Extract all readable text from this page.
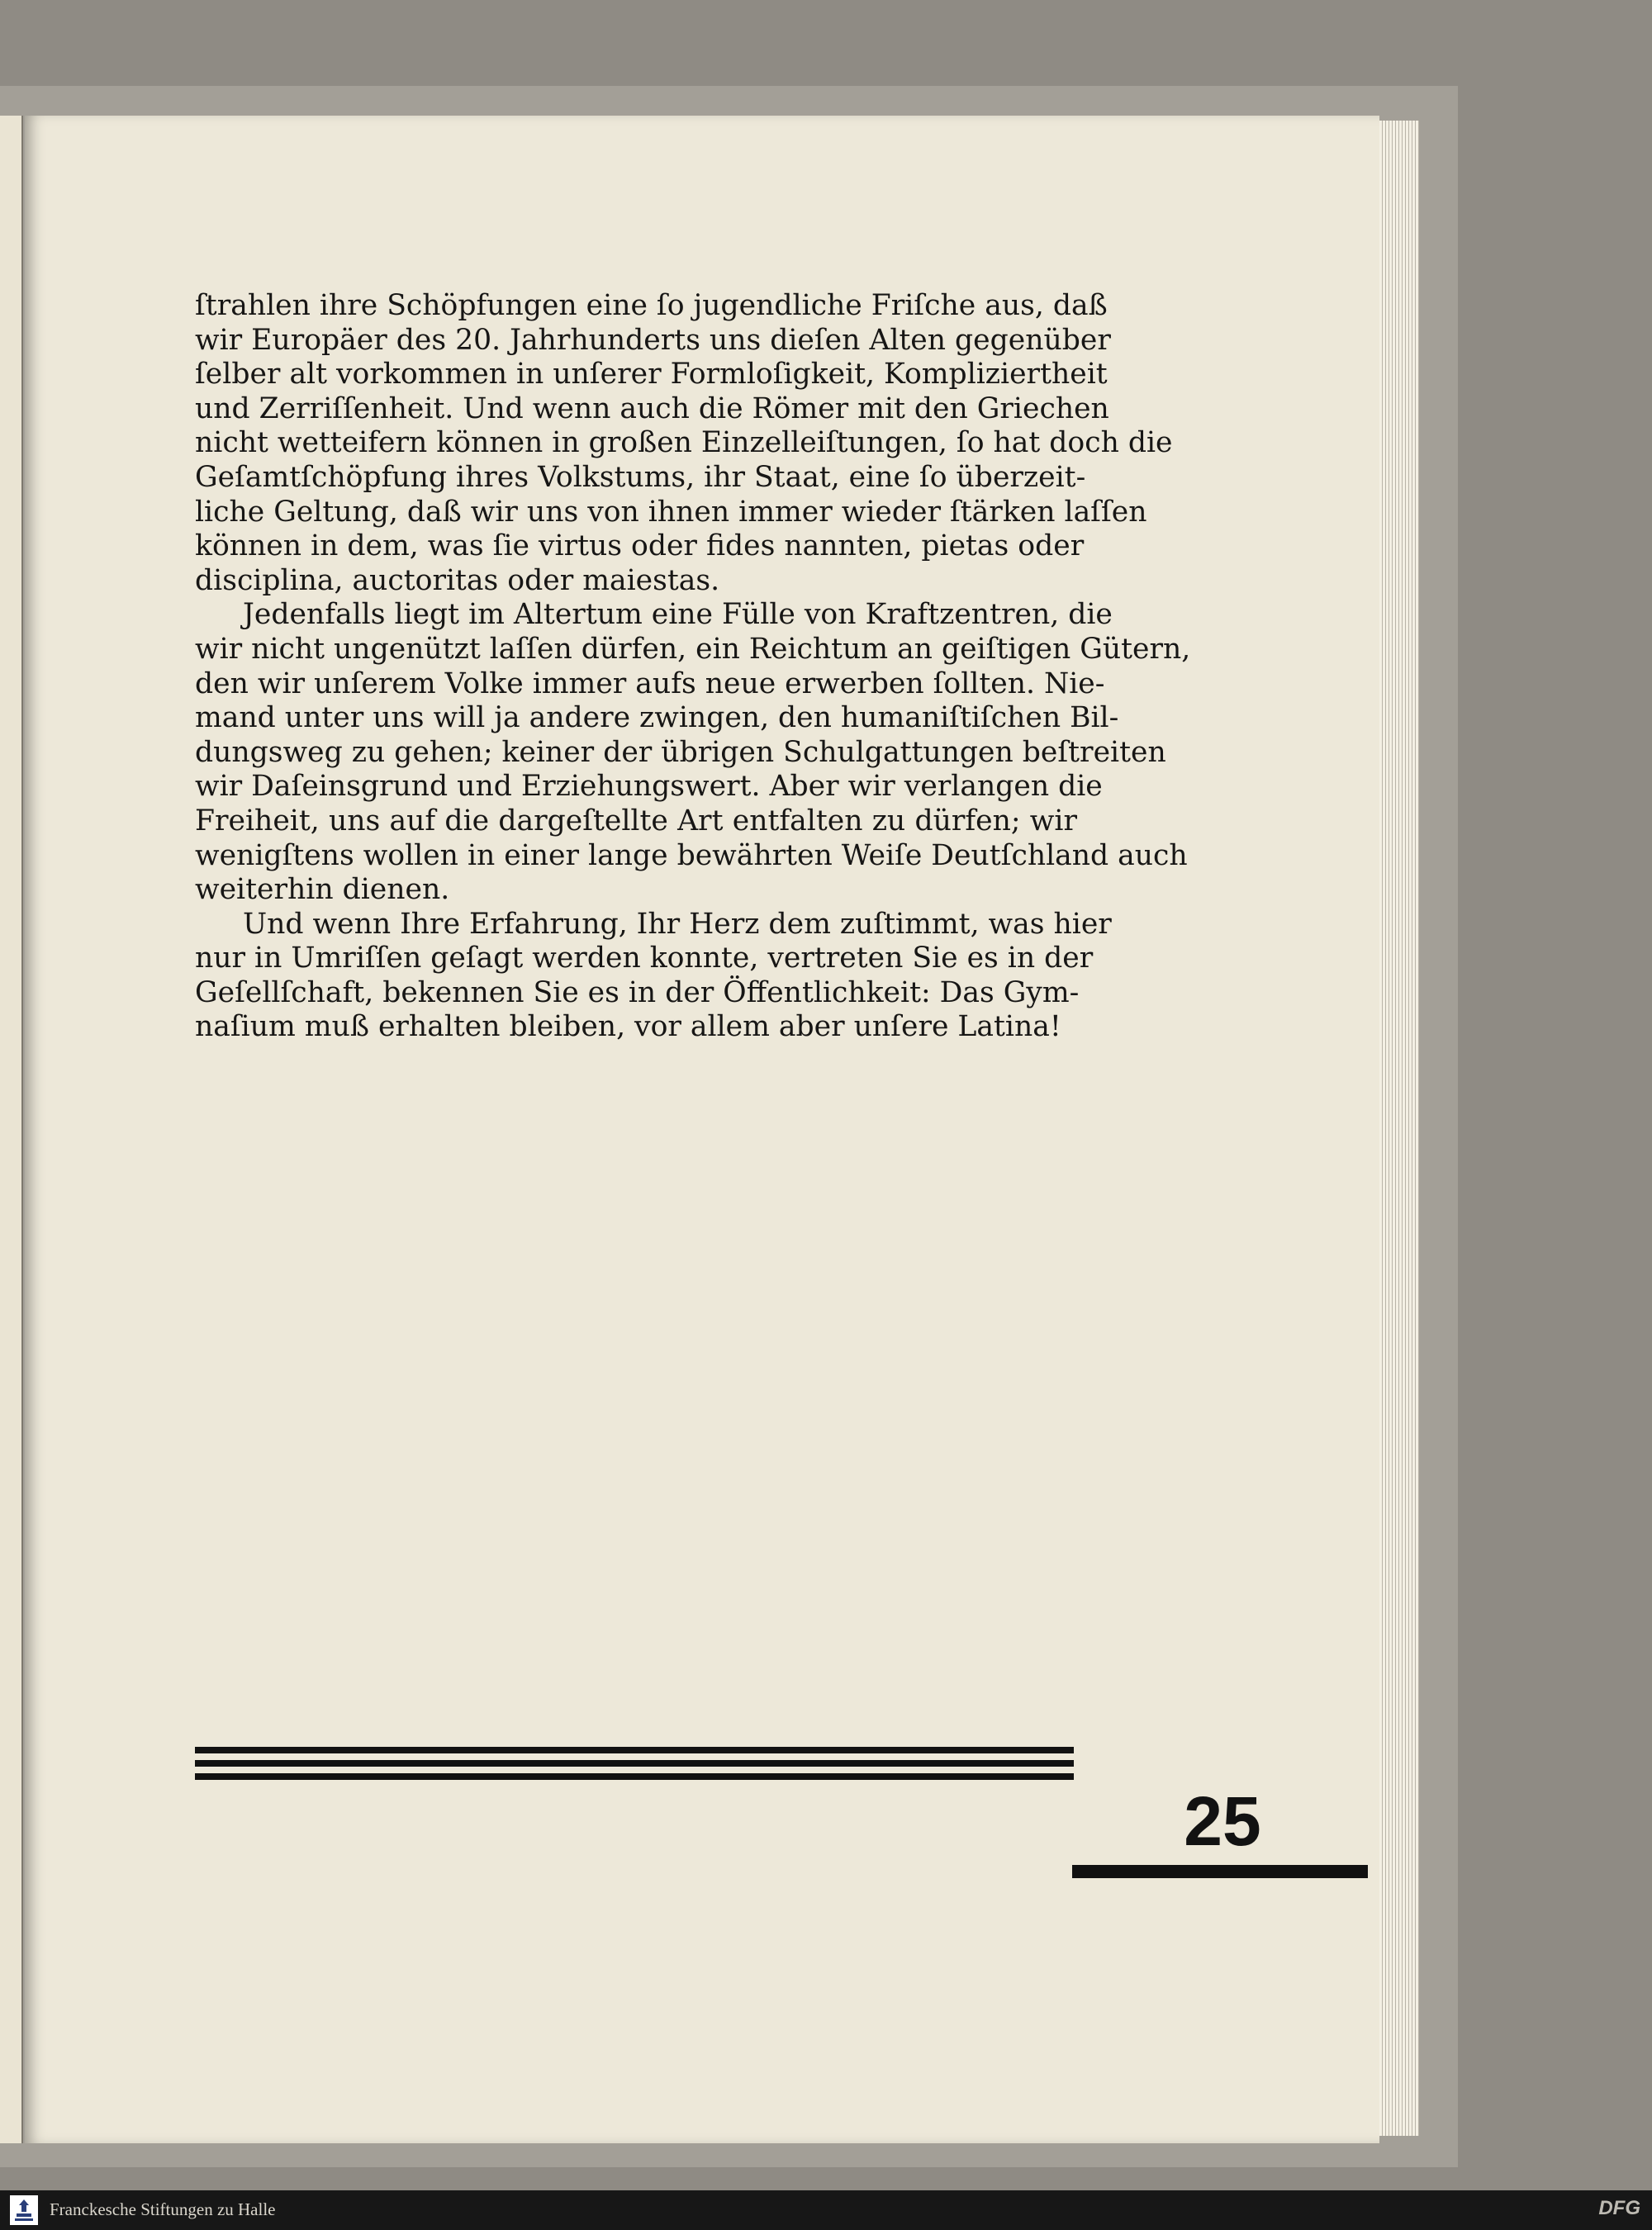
ſtrahlen ihre Schöpfungen eine ſo jugendliche Friſche aus, daß
wir Europäer des 20. Jahrhunderts uns dieſen Alten gegenüber
ſelber alt vorkommen in unſerer Formloſigkeit, Kompliziertheit
und Zerriſſenheit. Und wenn auch die Römer mit den Griechen
nicht wetteifern können in großen Einzelleiſtungen, ſo hat doch die
Geſamtſchöpfung ihres Volkstums, ihr Staat, eine ſo überzeit-
liche Geltung, daß wir uns von ihnen immer wieder ſtärken laſſen
können in dem, was ſie virtus oder fides nannten, pietas oder
disciplina, auctoritas oder maiestas.
Jedenfalls liegt im Altertum eine Fülle von Kraftzentren, die
wir nicht ungenützt laſſen dürfen, ein Reichtum an geiſtigen Gütern,
den wir unſerem Volke immer aufs neue erwerben ſollten. Nie-
mand unter uns will ja andere zwingen, den humaniſtiſchen Bil-
dungsweg zu gehen; keiner der übrigen Schulgattungen beſtreiten
wir Daſeinsgrund und Erziehungswert. Aber wir verlangen die
Freiheit, uns auf die dargeſtellte Art entfalten zu dürfen; wir
wenigſtens wollen in einer lange bewährten Weiſe Deutſchland auch
weiterhin dienen.
Und wenn Ihre Erfahrung, Ihr Herz dem zuſtimmt, was hier
nur in Umriſſen geſagt werden konnte, vertreten Sie es in der
Geſellſchaft, bekennen Sie es in der Öffentlichkeit: Das Gym-
naſium muß erhalten bleiben, vor allem aber unſere Latina!
25
Franckesche Stiftungen zu Halle	DFG
